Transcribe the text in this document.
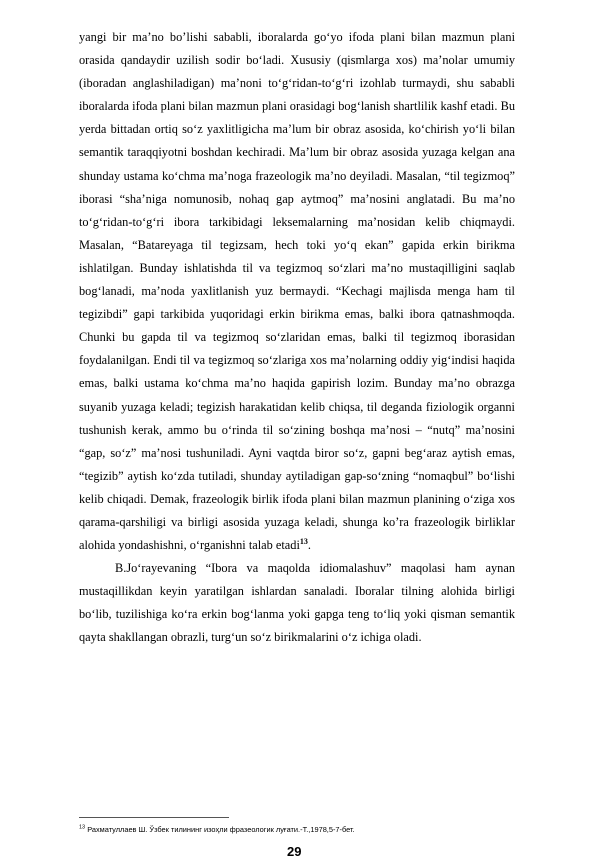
yangi bir ma’no bo’lishi sababli, iboralarda go‘yo ifoda plani bilan mazmun plani orasida qandaydir uzilish sodir bo‘ladi. Xususiy (qismlarga xos) ma’nolar umumiy (iboradan anglashiladigan) ma’noni to‘g‘ridan-to‘g‘ri izohlab turmaydi, shu sababli iboralarda ifoda plani bilan mazmun plani orasidagi bog‘lanish shartlilik kashf etadi. Bu yerda bittadan ortiq so‘z yaxlitligicha ma’lum bir obraz asosida, ko‘chirish yo‘li bilan semantik taraqqiyotni boshdan kechiradi. Ma’lum bir obraz asosida yuzaga kelgan ana shunday ustama ko‘chma ma’noga frazeologik ma’no deyiladi. Masalan, “til tegizmoq” iborasi “sha’niga nomunosib, nohaq gap aytmoq” ma’nosini anglatadi. Bu ma’no to‘g‘ridan-to‘g‘ri ibora tarkibidagi leksemalarning ma’nosidan kelib chiqmaydi. Masalan, “Batareyaga til tegizsam, hech toki yo‘q ekan” gapida erkin birikma ishlatilgan. Bunday ishlatishda til va tegizmoq so‘zlari ma’no mustaqilligini saqlab bog‘lanadi, ma’noda yaxlitlanish yuz bermaydi. “Kechagi majlisda menga ham til tegizibdi” gapi tarkibida yuqoridagi erkin birikma emas, balki ibora qatnashmoqda. Chunki bu gapda til va tegizmoq so‘zlaridan emas, balki til tegizmoq iborasidan foydalanilgan. Endi til va tegizmoq so‘zlariga xos ma’nolarning oddiy yig‘indisi haqida emas, balki ustama ko‘chma ma’no haqida gapirish lozim. Bunday ma’no obrazga suyanib yuzaga keladi; tegizish harakatidan kelib chiqsa, til deganda fiziologik organni tushunish kerak, ammo bu o‘rinda til so‘zining boshqa ma’nosi – “nutq” ma’nosini “gap, so‘z” ma’nosi tushuniladi. Ayni vaqtda biror so‘z, gapni beg‘araz aytish emas, “tegizib” aytish ko‘zda tutiladi, shunday aytiladigan gap-so‘zning “nomaqbul” bo‘lishi kelib chiqadi. Demak, frazeologik birlik ifoda plani bilan mazmun planining o‘ziga xos qarama-qarshiligi va birligi asosida yuzaga keladi, shunga ko’ra frazeologik birliklar alohida yondashishni, o‘rganishni talab etadi$^{13}$.

B.Jo‘rayevaning “Ibora va maqolda idiomalashuv” maqolasi ham aynan mustaqillikdan keyin yaratilgan ishlardan sanaladi. Iboralar tilning alohida birligi bo‘lib, tuzilishiga ko‘ra erkin bog‘lanma yoki gapga teng to‘liq yoki qisman semantik qayta shakllangan obrazli, turg‘un so‘z birikmalarini o‘z ichiga oladi.

$^{13}$ Рахматуллаев Ш. Ўзбек тилининг изоҳли фразеологик луғати.-Т.,1978,5-7-бет.
29
